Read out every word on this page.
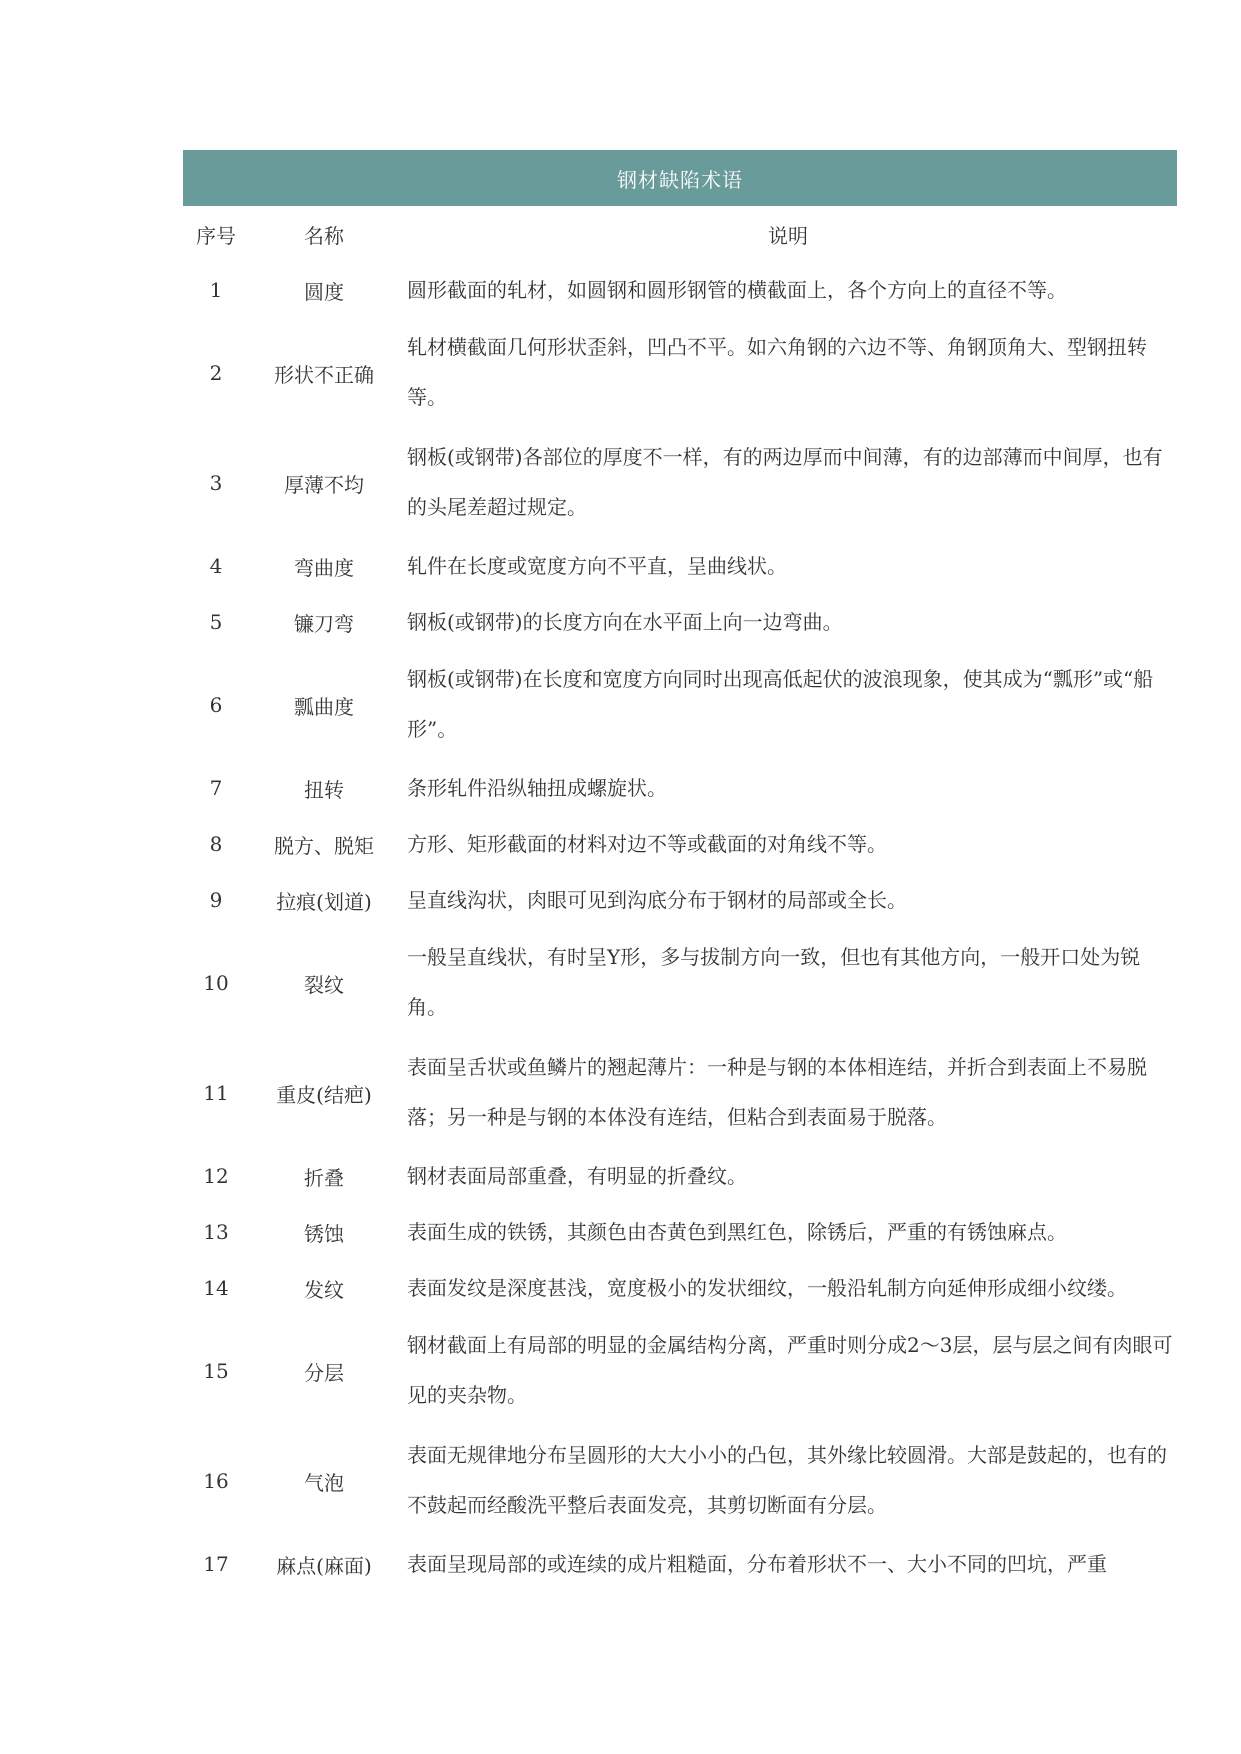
钢材缺陷术语
序号	名称	说明
1	圆度	圆形截面的轧材，如圆钢和圆形钢管的横截面上，各个方向上的直径不等。
2	形状不正确	轧材横截面几何形状歪斜，凹凸不平。如六角钢的六边不等、角钢顶角大、型钢扭转等。
3	厚薄不均	钢板(或钢带)各部位的厚度不一样，有的两边厚而中间薄，有的边部薄而中间厚，也有的头尾差超过规定。
4	弯曲度	轧件在长度或宽度方向不平直，呈曲线状。
5	镰刀弯	钢板(或钢带)的长度方向在水平面上向一边弯曲。
6	瓢曲度	钢板(或钢带)在长度和宽度方向同时出现高低起伏的波浪现象，使其成为“瓢形”或“船形”。
7	扭转	条形轧件沿纵轴扭成螺旋状。
8	脱方、脱矩	方形、矩形截面的材料对边不等或截面的对角线不等。
9	拉痕(划道)	呈直线沟状，肉眼可见到沟底分布于钢材的局部或全长。
10	裂纹	一般呈直线状，有时呈Y形，多与拔制方向一致，但也有其他方向，一般开口处为锐角。
11	重皮(结疤)	表面呈舌状或鱼鳞片的翘起薄片：一种是与钢的本体相连结，并折合到表面上不易脱落；另一种是与钢的本体没有连结，但粘合到表面易于脱落。
12	折叠	钢材表面局部重叠，有明显的折叠纹。
13	锈蚀	表面生成的铁锈，其颜色由杏黄色到黑红色，除锈后，严重的有锈蚀麻点。
14	发纹	表面发纹是深度甚浅，宽度极小的发状细纹，一般沿轧制方向延伸形成细小纹缕。
15	分层	钢材截面上有局部的明显的金属结构分离，严重时则分成2～3层，层与层之间有肉眼可见的夹杂物。
16	气泡	表面无规律地分布呈圆形的大大小小的凸包，其外缘比较圆滑。大部是鼓起的，也有的不鼓起而经酸洗平整后表面发亮，其剪切断面有分层。
17	麻点(麻面)	表面呈现局部的或连续的成片粗糙面，分布着形状不一、大小不同的凹坑，严重
